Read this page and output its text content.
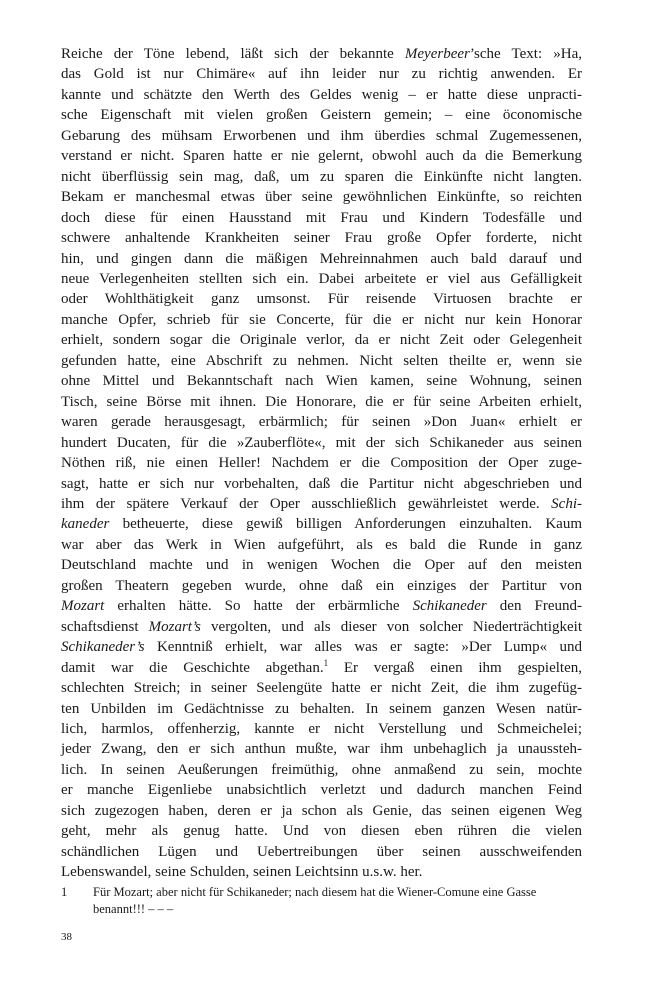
Reiche der Töne lebend, läßt sich der bekannte Meyerbeer’sche Text: »Ha,
das Gold ist nur Chimäre« auf ihn leider nur zu richtig anwenden. Er
kannte und schätzte den Werth des Geldes wenig – er hatte diese unpracti-
sche Eigenschaft mit vielen großen Geistern gemein; – eine öconomische
Gebarung des mühsam Erworbenen und ihm überdies schmal Zugemessenen,
verstand er nicht. Sparen hatte er nie gelernt, obwohl auch da die Bemerkung
nicht überflüssig sein mag, daß, um zu sparen die Einkünfte nicht langten.
Bekam er manchesmal etwas über seine gewöhnlichen Einkünfte, so reichten
doch diese für einen Hausstand mit Frau und Kindern Todesfälle und
schwere anhaltende Krankheiten seiner Frau große Opfer forderte, nicht
hin, und gingen dann die mäßigen Mehreinnahmen auch bald darauf und
neue Verlegenheiten stellten sich ein. Dabei arbeitete er viel aus Gefälligkeit
oder Wohlthätigkeit ganz umsonst. Für reisende Virtuosen brachte er
manche Opfer, schrieb für sie Concerte, für die er nicht nur kein Honorar
erhielt, sondern sogar die Originale verlor, da er nicht Zeit oder Gelegenheit
gefunden hatte, eine Abschrift zu nehmen. Nicht selten theilte er, wenn sie
ohne Mittel und Bekanntschaft nach Wien kamen, seine Wohnung, seinen
Tisch, seine Börse mit ihnen. Die Honorare, die er für seine Arbeiten erhielt,
waren gerade herausgesagt, erbärmlich; für seinen »Don Juan« erhielt er
hundert Ducaten, für die »Zauberflöte«, mit der sich Schikaneder aus seinen
Nöthen riß, nie einen Heller! Nachdem er die Composition der Oper zuge-
sagt, hatte er sich nur vorbehalten, daß die Partitur nicht abgeschrieben und
ihm der spätere Verkauf der Oper ausschließlich gewährleistet werde. Schi-
kaneder betheuerte, diese gewiß billigen Anforderungen einzuhalten. Kaum
war aber das Werk in Wien aufgeführt, als es bald die Runde in ganz
Deutschland machte und in wenigen Wochen die Oper auf den meisten
großen Theatern gegeben wurde, ohne daß ein einziges der Partitur von
Mozart erhalten hätte. So hatte der erbärmliche Schikaneder den Freund-
schaftsdienst Mozart’s vergolten, und als dieser von solcher Niederträchtigkeit
Schikaneder’s Kenntniß erhielt, war alles was er sagte: »Der Lump« und
damit war die Geschichte abgethan.$^1$ Er vergaß einen ihm gespielten,
schlechten Streich; in seiner Seelengüte hatte er nicht Zeit, die ihm zugefüg-
ten Unbilden im Gedächtnisse zu behalten. In seinem ganzen Wesen natür-
lich, harmlos, offenherzig, kannte er nicht Verstellung und Schmeichelei;
jeder Zwang, den er sich anthun mußte, war ihm unbehaglich ja unaussteh-
lich. In seinen Aeußerungen freimüthig, ohne anmaßend zu sein, mochte
er manche Eigenliebe unabsichtlich verletzt und dadurch manchen Feind
sich zugezogen haben, deren er ja schon als Genie, das seinen eigenen Weg
geht, mehr als genug hatte. Und von diesen eben rühren die vielen
schändlichen Lügen und Uebertreibungen über seinen ausschweifenden
Lebenswandel, seine Schulden, seinen Leichtsinn u.s.w. her.
1	Für Mozart; aber nicht für Schikaneder; nach diesem hat die Wiener-Comune eine Gasse benannt!!! – – –
38
